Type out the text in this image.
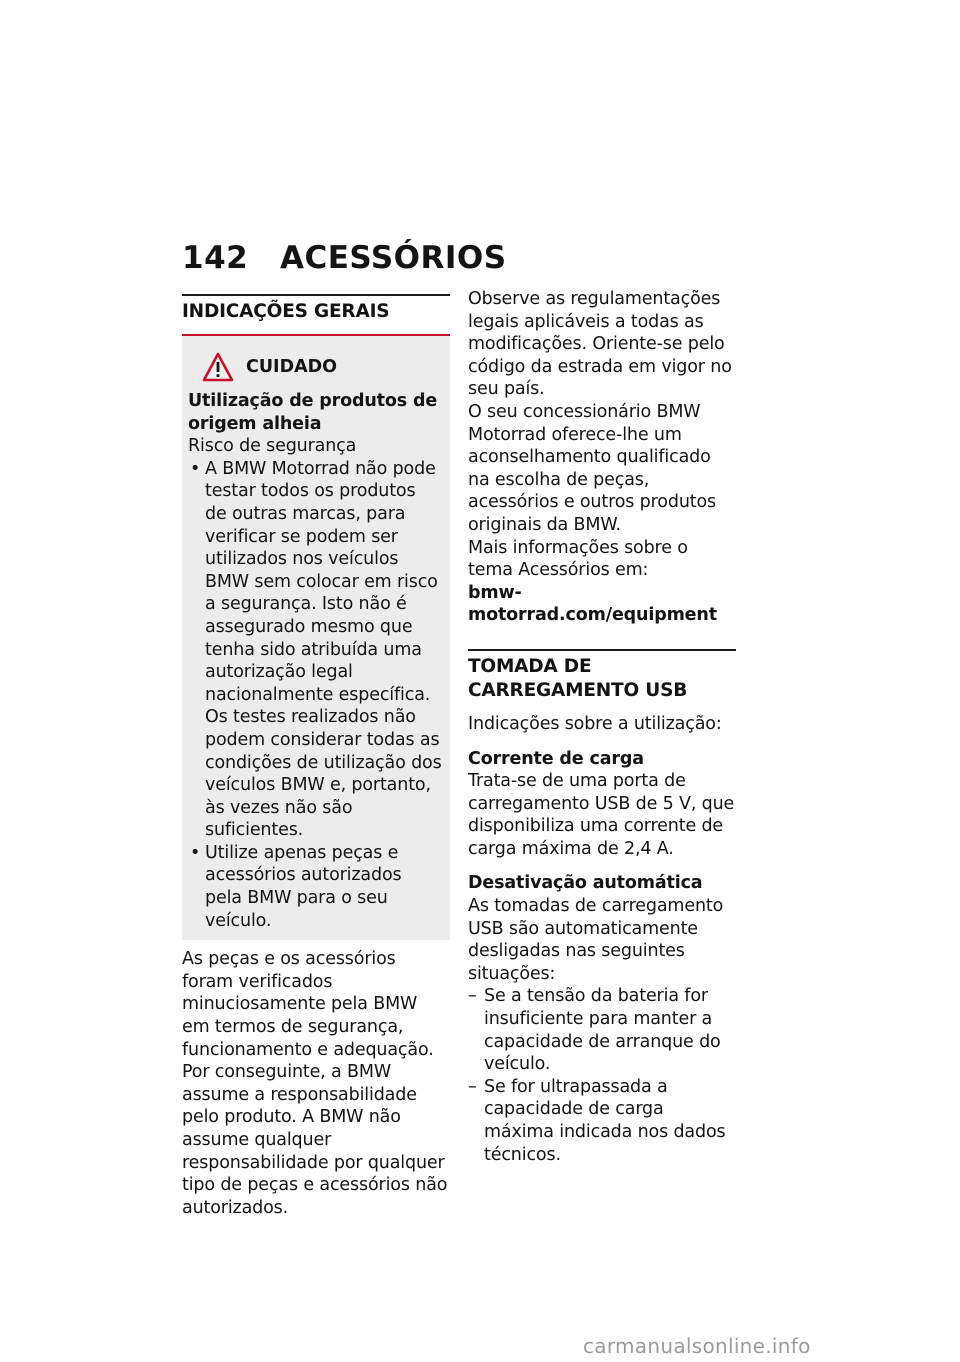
142 ACESSÓRIOS
INDICAÇÕES GERAIS
CUIDADO
Utilização de produtos de origem alheia
Risco de segurança
• A BMW Motorrad não pode testar todos os produtos de outras marcas, para verificar se podem ser utilizados nos veículos BMW sem colocar em risco a segurança. Isto não é assegurado mesmo que tenha sido atribuída uma autorização legal nacionalmente específica. Os testes realizados não podem considerar todas as condições de utilização dos veículos BMW e, portanto, às vezes não são suficientes.
• Utilize apenas peças e acessórios autorizados pela BMW para o seu veículo.

As peças e os acessórios foram verificados minuciosamente pela BMW em termos de segurança, funcionamento e adequação. Por conseguinte, a BMW assume a responsabilidade pelo produto. A BMW não assume qualquer responsabilidade por qualquer tipo de peças e acessórios não autorizados.

Observe as regulamentações legais aplicáveis a todas as modificações. Oriente-se pelo código da estrada em vigor no seu país.
O seu concessionário BMW Motorrad oferece-lhe um aconselhamento qualificado na escolha de peças, acessórios e outros produtos originais da BMW.
Mais informações sobre o tema Acessórios em:
bmw-motorrad.com/equipment
TOMADA DE CARREGAMENTO USB
Indicações sobre a utilização:
Corrente de carga
Trata-se de uma porta de carregamento USB de 5 V, que disponibiliza uma corrente de carga máxima de 2,4 A.
Desativação automática
As tomadas de carregamento USB são automaticamente desligadas nas seguintes situações:
– Se a tensão da bateria for insuficiente para manter a capacidade de arranque do veículo.
– Se for ultrapassada a capacidade de carga máxima indicada nos dados técnicos.
carmanualsonline.info
